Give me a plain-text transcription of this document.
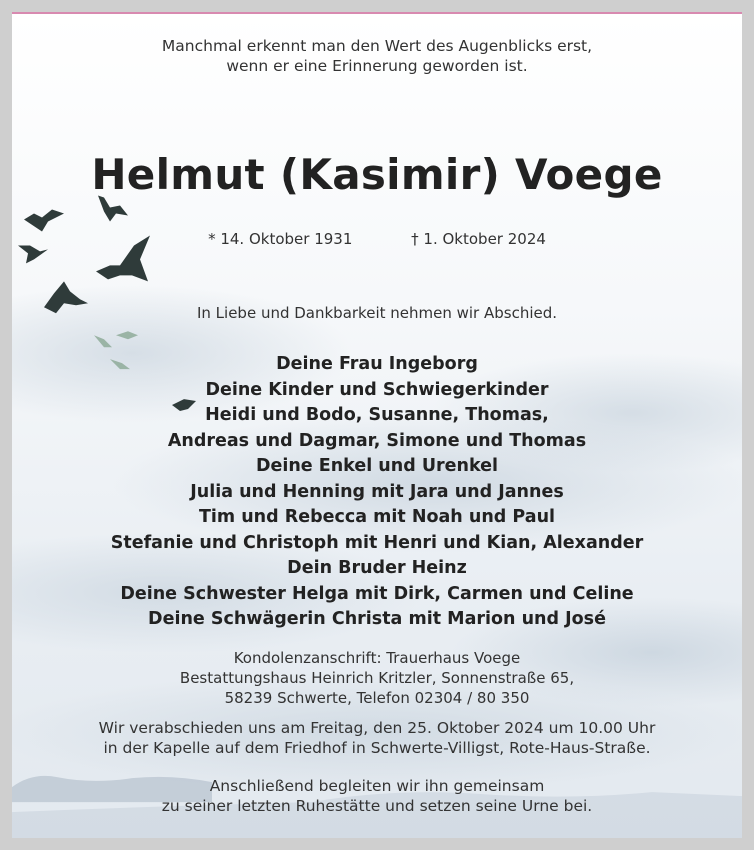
Manchmal erkennt man den Wert des Augenblicks erst,
wenn er eine Erinnerung geworden ist.
Helmut (Kasimir) Voege
* 14. Oktober 1931	† 1. Oktober 2024
In Liebe und Dankbarkeit nehmen wir Abschied.
Deine Frau Ingeborg
Deine Kinder und Schwiegerkinder
Heidi und Bodo, Susanne, Thomas,
Andreas und Dagmar, Simone und Thomas
Deine Enkel und Urenkel
Julia und Henning mit Jara und Jannes
Tim und Rebecca mit Noah und Paul
Stefanie und Christoph mit Henri und Kian, Alexander
Dein Bruder Heinz
Deine Schwester Helga mit Dirk, Carmen und Celine
Deine Schwägerin Christa mit Marion und José
Kondolenzanschrift: Trauerhaus Voege
Bestattungshaus Heinrich Kritzler, Sonnenstraße 65,
58239 Schwerte, Telefon 02304 / 80 350
Wir verabschieden uns am Freitag, den 25. Oktober 2024 um 10.00 Uhr
in der Kapelle auf dem Friedhof in Schwerte-Villigst, Rote-Haus-Straße.
Anschließend begleiten wir ihn gemeinsam
zu seiner letzten Ruhestätte und setzen seine Urne bei.
